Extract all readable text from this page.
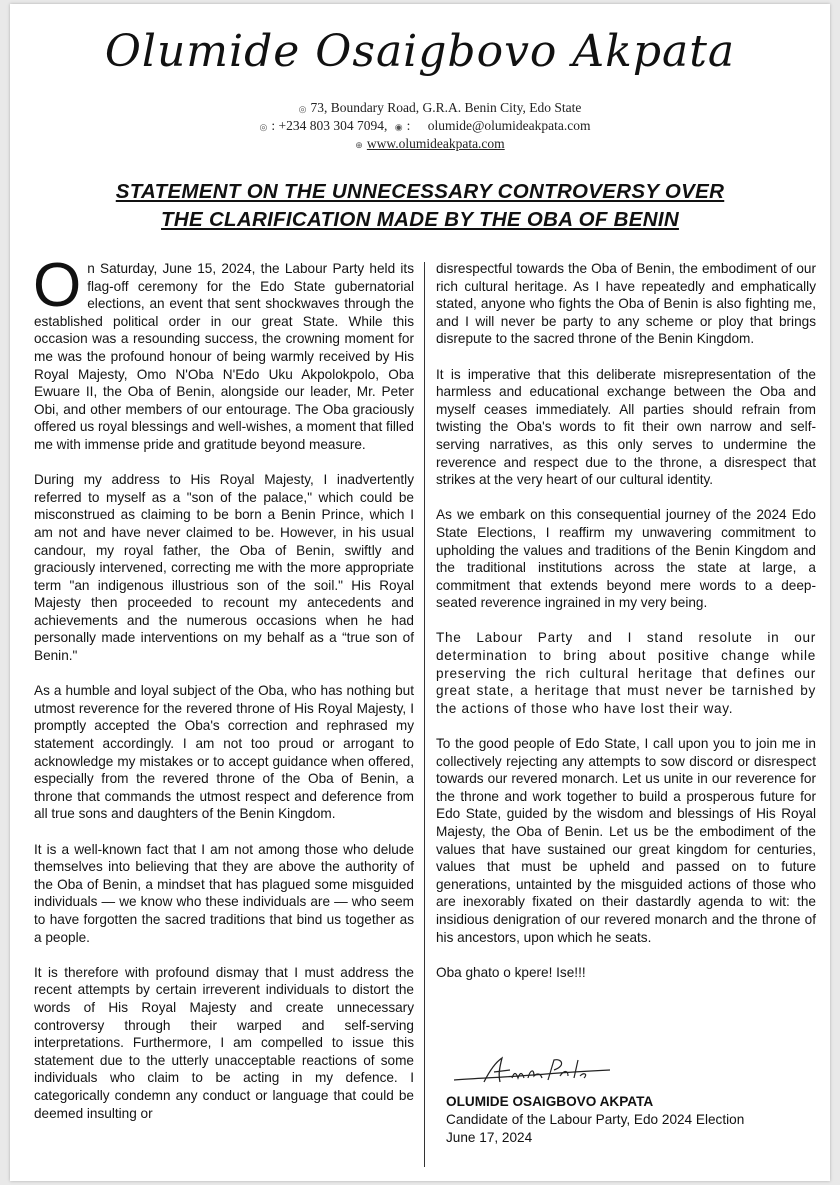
Olumide Osaigbovo Akpata
◎ 73, Boundary Road, G.R.A. Benin City, Edo State
◎ : +234 803 304 7094, ◉ : olumide@olumideakpata.com
⊕ www.olumideakpata.com
STATEMENT ON THE UNNECESSARY CONTROVERSY OVER
THE CLARIFICATION MADE BY THE OBA OF BENIN

On Saturday, June 15, 2024, the Labour Party held its flag-off ceremony for the Edo State gubernatorial elections, an event that sent shockwaves through the established political order in our great State. While this occasion was a resounding success, the crowning moment for me was the profound honour of being warmly received by His Royal Majesty, Omo N'Oba N'Edo Uku Akpolokpolo, Oba Ewuare II, the Oba of Benin, alongside our leader, Mr. Peter Obi, and other members of our entourage. The Oba graciously offered us royal blessings and well-wishes, a moment that filled me with immense pride and gratitude beyond measure.

During my address to His Royal Majesty, I inadvertently referred to myself as a "son of the palace," which could be misconstrued as claiming to be born a Benin Prince, which I am not and have never claimed to be. However, in his usual candour, my royal father, the Oba of Benin, swiftly and graciously intervened, correcting me with the more appropriate term "an indigenous illustrious son of the soil." His Royal Majesty then proceeded to recount my antecedents and achievements and the numerous occasions when he had personally made interventions on my behalf as a “true son of Benin."

As a humble and loyal subject of the Oba, who has nothing but utmost reverence for the revered throne of His Royal Majesty, I promptly accepted the Oba's correction and rephrased my statement accordingly. I am not too proud or arrogant to acknowledge my mistakes or to accept guidance when offered, especially from the revered throne of the Oba of Benin, a throne that commands the utmost respect and deference from all true sons and daughters of the Benin Kingdom.

It is a well-known fact that I am not among those who delude themselves into believing that they are above the authority of the Oba of Benin, a mindset that has plagued some misguided individuals — we know who these individuals are — who seem to have forgotten the sacred traditions that bind us together as a people.

It is therefore with profound dismay that I must address the recent attempts by certain irreverent individuals to distort the words of His Royal Majesty and create unnecessary controversy through their warped and self-serving interpretations. Furthermore, I am compelled to issue this statement due to the utterly unacceptable reactions of some individuals who claim to be acting in my defence. I categorically condemn any conduct or language that could be deemed insulting or

disrespectful towards the Oba of Benin, the embodiment of our rich cultural heritage. As I have repeatedly and emphatically stated, anyone who fights the Oba of Benin is also fighting me, and I will never be party to any scheme or ploy that brings disrepute to the sacred throne of the Benin Kingdom.

It is imperative that this deliberate misrepresentation of the harmless and educational exchange between the Oba and myself ceases immediately. All parties should refrain from twisting the Oba's words to fit their own narrow and self-serving narratives, as this only serves to undermine the reverence and respect due to the throne, a disrespect that strikes at the very heart of our cultural identity.

As we embark on this consequential journey of the 2024 Edo State Elections, I reaffirm my unwavering commitment to upholding the values and traditions of the Benin Kingdom and the traditional institutions across the state at large, a commitment that extends beyond mere words to a deep-seated reverence ingrained in my very being.

The Labour Party and I stand resolute in our determination to bring about positive change while preserving the rich cultural heritage that defines our great state, a heritage that must never be tarnished by the actions of those who have lost their way.

To the good people of Edo State, I call upon you to join me in collectively rejecting any attempts to sow discord or disrespect towards our revered monarch. Let us unite in our reverence for the throne and work together to build a prosperous future for Edo State, guided by the wisdom and blessings of His Royal Majesty, the Oba of Benin. Let us be the embodiment of the values that have sustained our great kingdom for centuries, values that must be upheld and passed on to future generations, untainted by the misguided actions of those who are inexorably fixated on their dastardly agenda to wit: the insidious denigration of our revered monarch and the throne of his ancestors, upon which he seats.

Oba ghato o kpere! Ise!!!

OLUMIDE OSAIGBOVO AKPATA
Candidate of the Labour Party, Edo 2024 Election
June 17, 2024
